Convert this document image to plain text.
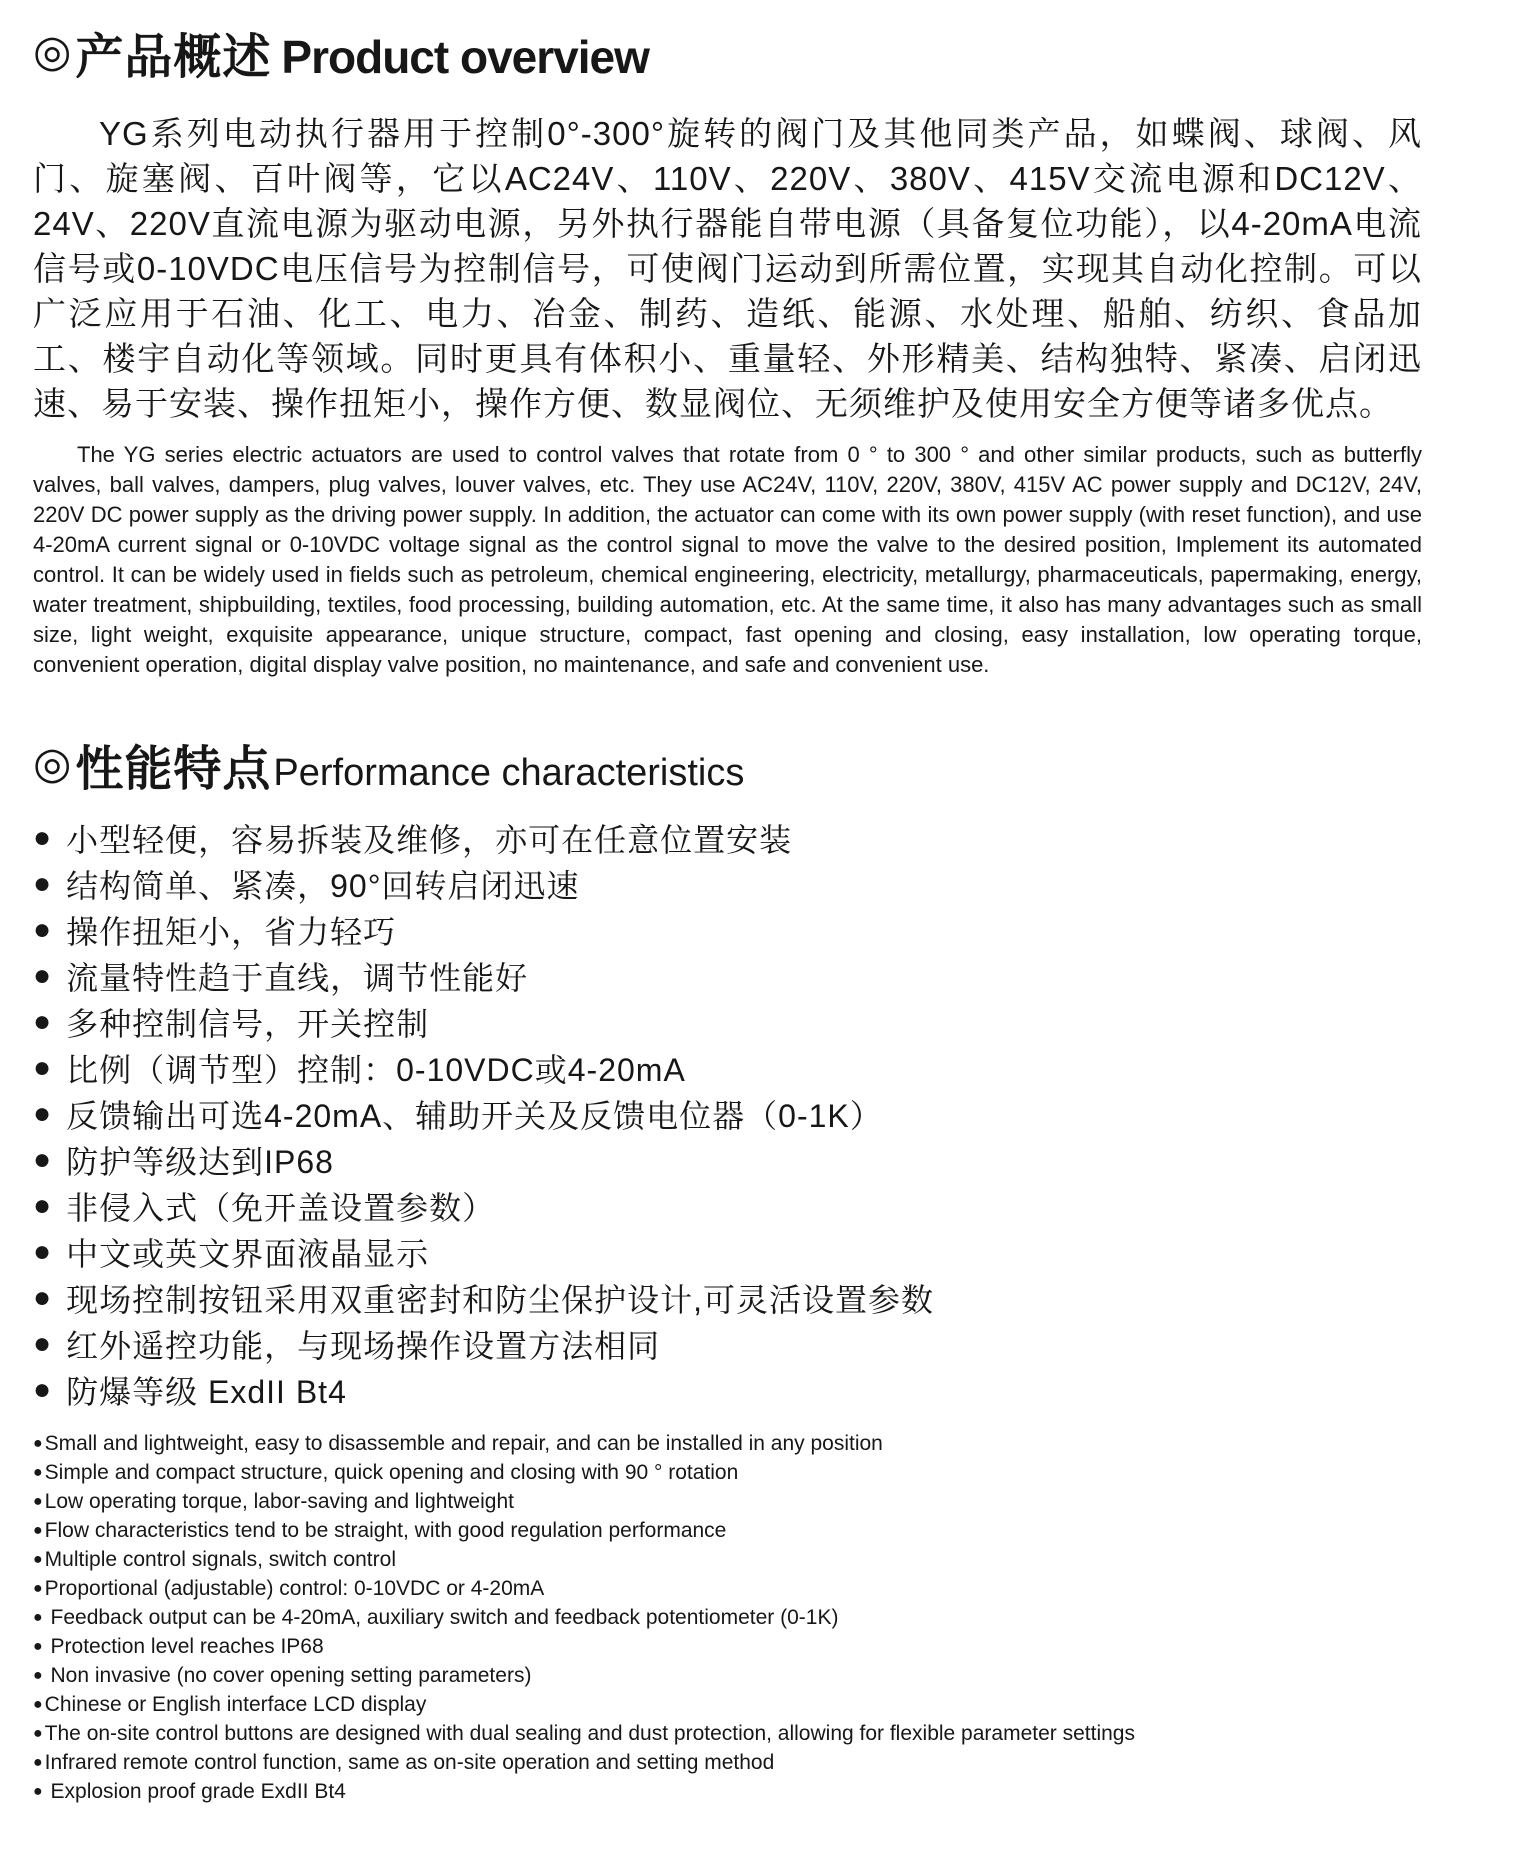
◎ 产品概述 Product overview
YG系列电动执行器用于控制0°-300°旋转的阀门及其他同类产品，如蝶阀、球阀、风门、旋塞阀、百叶阀等，它以AC24V、110V、220V、380V、415V交流电源和DC12V、24V、220V直流电源为驱动电源，另外执行器能自带电源（具备复位功能），以4-20mA电流信号或0-10VDC电压信号为控制信号，可使阀门运动到所需位置，实现其自动化控制。可以广泛应用于石油、化工、电力、冶金、制药、造纸、能源、水处理、船舶、纺织、食品加工、楼宇自动化等领域。同时更具有体积小、重量轻、外形精美、结构独特、紧凑、启闭迅速、易于安装、操作扭矩小，操作方便、数显阀位、无须维护及使用安全方便等诸多优点。
The YG series electric actuators are used to control valves that rotate from 0 ° to 300 ° and other similar products, such as butterfly valves, ball valves, dampers, plug valves, louver valves, etc. They use AC24V, 110V, 220V, 380V, 415V AC power supply and DC12V, 24V, 220V DC power supply as the driving power supply. In addition, the actuator can come with its own power supply (with reset function), and use 4-20mA current signal or 0-10VDC voltage signal as the control signal to move the valve to the desired position, Implement its automated control. It can be widely used in fields such as petroleum, chemical engineering, electricity, metallurgy, pharmaceuticals, papermaking, energy, water treatment, shipbuilding, textiles, food processing, building automation, etc. At the same time, it also has many advantages such as small size, light weight, exquisite appearance, unique structure, compact, fast opening and closing, easy installation, low operating torque, convenient operation, digital display valve position, no maintenance, and safe and convenient use.
◎ 性能特点 Performance characteristics
● 小型轻便，容易拆装及维修，亦可在任意位置安装
● 结构简单、紧凑，90°回转启闭迅速
● 操作扭矩小，省力轻巧
● 流量特性趋于直线，调节性能好
● 多种控制信号，开关控制
● 比例（调节型）控制：0-10VDC或4-20mA
● 反馈输出可选4-20mA、辅助开关及反馈电位器（0-1K）
● 防护等级达到IP68
● 非侵入式（免开盖设置参数）
● 中文或英文界面液晶显示
● 现场控制按钮采用双重密封和防尘保护设计,可灵活设置参数
● 红外遥控功能，与现场操作设置方法相同
● 防爆等级 ExdII Bt4
● Small and lightweight, easy to disassemble and repair, and can be installed in any position
● Simple and compact structure, quick opening and closing with 90 ° rotation
● Low operating torque, labor-saving and lightweight
● Flow characteristics tend to be straight, with good regulation performance
● Multiple control signals, switch control
● Proportional (adjustable) control: 0-10VDC or 4-20mA
● Feedback output can be 4-20mA, auxiliary switch and feedback potentiometer (0-1K)
● Protection level reaches IP68
● Non invasive (no cover opening setting parameters)
● Chinese or English interface LCD display
● The on-site control buttons are designed with dual sealing and dust protection, allowing for flexible parameter settings
● Infrared remote control function, same as on-site operation and setting method
● Explosion proof grade ExdII Bt4
